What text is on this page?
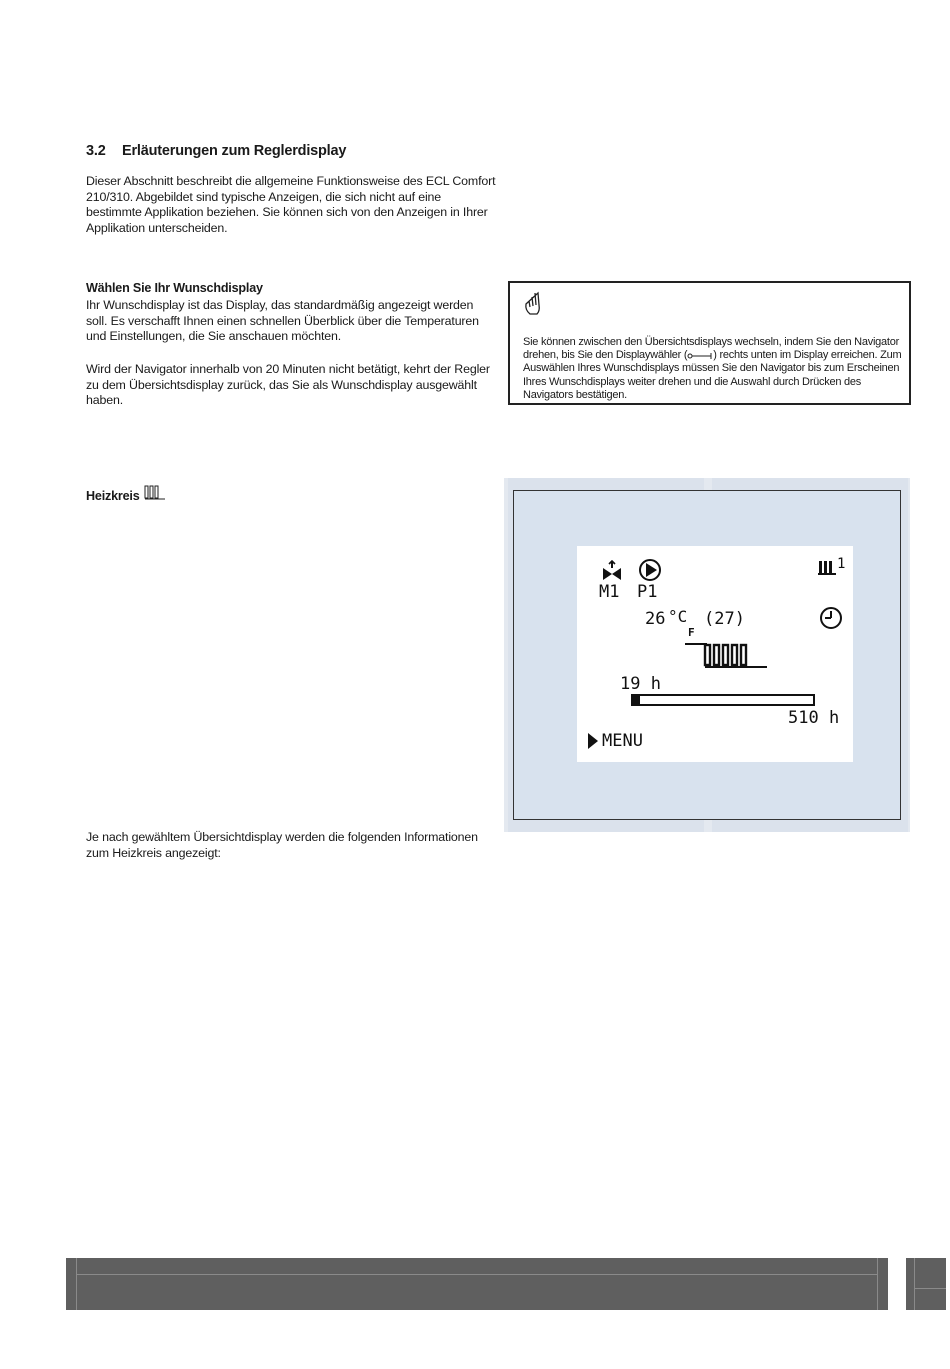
3.2 Erläuterungen zum Reglerdisplay
Dieser Abschnitt beschreibt die allgemeine Funktionsweise des ECL Comfort 210/310. Abgebildet sind typische Anzeigen, die sich nicht auf eine bestimmte Applikation beziehen. Sie können sich von den Anzeigen in Ihrer Applikation unterscheiden.
Wählen Sie Ihr Wunschdisplay
Ihr Wunschdisplay ist das Display, das standardmäßig angezeigt werden soll. Es verschafft Ihnen einen schnellen Überblick über die Temperaturen und Einstellungen, die Sie anschauen möchten.
Wird der Navigator innerhalb von 20 Minuten nicht betätigt, kehrt der Regler zu dem Übersichtsdisplay zurück, das Sie als Wunschdisplay ausgewählt haben.
Sie können zwischen den Übersichtsdisplays wechseln, indem Sie den Navigator drehen, bis Sie den Displaywähler ( ) rechts unten im Display erreichen. Zum Auswählen Ihres Wunschdisplays müssen Sie den Navigator bis zum Erscheinen Ihres Wunschdisplays weiter drehen und die Auswahl durch Drücken des Navigators bestätigen.
Heizkreis
M1 P1
1
26 °C (27)
F
19 h
510 h
MENU
Je nach gewähltem Übersichtdisplay werden die folgenden Informationen zum Heizkreis angezeigt:
